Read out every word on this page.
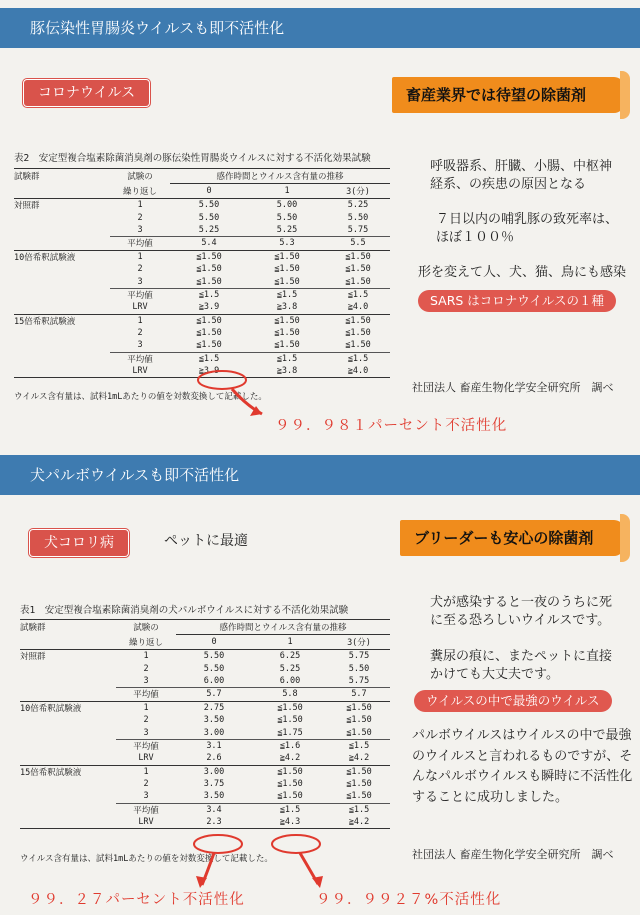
豚伝染性胃腸炎ウイルスも即不活性化
コロナウイルス	畜産業界では待望の除菌剤
表2　安定型複合塩素除菌消臭剤の豚伝染性胃腸炎ウイルスに対する不活化効果試験
試験群	試験の	感作時間とウイルス含有量の推移		
	繰り返し	0	1	3(分)
対照群	1	5.50	5.00	5.25
	2	5.50	5.50	5.50
	3	5.25	5.25	5.75
	平均値	5.4	5.3	5.5
10倍希釈試験液	1	≦1.50	≦1.50	≦1.50
	2	≦1.50	≦1.50	≦1.50
	3	≦1.50	≦1.50	≦1.50
	平均値	≦1.5	≦1.5	≦1.5
	LRV	≧3.9	≧3.8	≧4.0
15倍希釈試験液	1	≦1.50	≦1.50	≦1.50
	2	≦1.50	≦1.50	≦1.50
	3	≦1.50	≦1.50	≦1.50
	平均値	≦1.5	≦1.5	≦1.5
	LRV	≧3.9	≧3.8	≧4.0
ウイルス含有量は、試料1mLあたりの値を対数変換して記載した。
呼吸器系、肝臓、小腸、中枢神
経系、の疾患の原因となる
７日以内の哺乳豚の致死率は、
ほぼ１００％
形を変えて人、犬、猫、鳥にも感染
SARS はコロナウイルスの１種
社団法人 畜産生物化学安全研究所　調べ
９９．９８１パーセント不活性化
犬パルボウイルスも即不活性化
犬コロリ病	ペットに最適	ブリーダーも安心の除菌剤
表1　安定型複合塩素除菌消臭剤の犬パルボウイルスに対する不活化効果試験
試験群	試験の	感作時間とウイルス含有量の推移		
	繰り返し	0	1	3(分)
対照群	1	5.50	6.25	5.75
	2	5.50	5.25	5.50
	3	6.00	6.00	5.75
	平均値	5.7	5.8	5.7
10倍希釈試験液	1	2.75	≦1.50	≦1.50
	2	3.50	≦1.50	≦1.50
	3	3.00	≦1.75	≦1.50
	平均値	3.1	≦1.6	≦1.5
	LRV	2.6	≧4.2	≧4.2
15倍希釈試験液	1	3.00	≦1.50	≦1.50
	2	3.75	≦1.50	≦1.50
	3	3.50	≦1.50	≦1.50
	平均値	3.4	≦1.5	≦1.5
	LRV	2.3	≧4.3	≧4.2
ウイルス含有量は、試料1mLあたりの値を対数変換して記載した。
犬が感染すると一夜のうちに死
に至る恐ろしいウイルスです。
糞尿の痕に、またペットに直接
かけても大丈夫です。
ウイルスの中で最強のウイルス
パルボウイルスはウイルスの中で最強
のウイルスと言われるものですが、そ
んなパルボウイルスも瞬時に不活性化
することに成功しました。
社団法人 畜産生物化学安全研究所　調べ
９９．２７パーセント不活性化	９９．９９２７%不活性化
